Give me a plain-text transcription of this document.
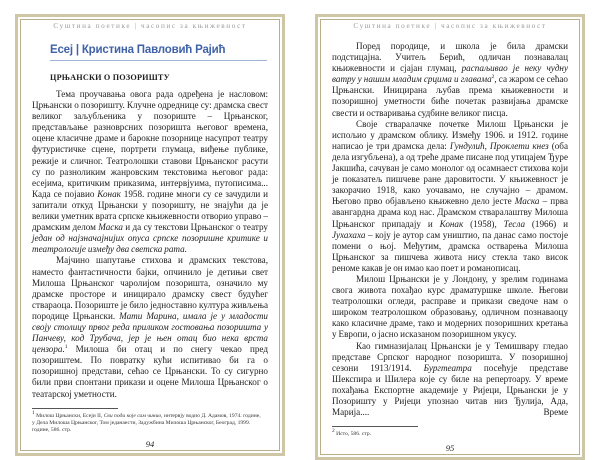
Суштина поетике | часопис за књижевност
Есеј | Кристина Павловић Рајић
ЦРЊАНСКИ О ПОЗОРИШТУ

Тема проучавања овога рада одређена је насловом: Црњански о позоришту. Клучне одреднице су: драмска свест великог заљубљеника у позориште – Црњанског, представљање разноврсних позоришта његовог времена, оцене класичне драме и барокне позорнице насупрот театру футуристичке сцене, портрети глумаца, виђење публике, режије и сличног. Театролошки ставови Црњанског расути су по разноликим жанровским текстовима његовог рада: есејима, критичким приказима, интервјуима, путописима... Када се појавио Конак 1958. године многи су се зачудили и запитали откуд Црњански у позоришту, не знајући да је велики уметник врата српске књижевности отворио управо – драмским делом Маска и да су текстови Црњанског о театру један од најзначајнијих опуса српске позоришне критике и театрологије између два светска рата.

Мајчино шапутање стихова и драмских текстова, наместо фантастичности бајки, опчинило је детињи свет Милоша Црњанског чаролијом позоришта, означило му драмске просторе и иницирало драмску свест будућег ствараоца. Позориште је било једноставно култура живљења породице Црњански. Мати Марина, имала је у младости своју столицу првог реда приликом гостовања позоришта у Панчеву, код Трубача, јер је њен отац био нека врста цензора.$^1$ Милоша би отац и по снегу чекао пред позориштем. По повратку кући испитивао би га о позоришној представи, сећао се Црњански. То су сигурно били први спонтани прикази и оцене Милоша Црњанског о театарској уметности.

$^1$ Милош Црњански, Есеји II, Сви поди које сам чинио, интервју водио Д. Адамов, 1974. године, у Дела Милоша Црњанског, Том једанаести, Задужбина Милоша Црњанског, Београд, 1999. године, 586. стр.
94
Суштина поетике | часопис за књижевност

Поред породице, и школа је била драмски подстицајна. Учитељ Берић, одличан познавалац књижевности и сјајан глумац, распаљивао је неку чудну ватру у нашим младим срцима и главама$^2$, са жаром се сећао Црњански. Иницирана љубав према књижевности и позоришној уметности биће почетак развијања драмске свести и остваривања судбине великог писца.

Своје стваралачке почетке Милош Црњански је испољио у драмском облику. Између 1906. и 1912. године написао је три драмска дела: Гундулић, Проклети кнез (оба дела изгубљена), а од треће драме писане под утицајем Ђуре Јакшића, сачуван је само монолог од осамнаест стихова који је показатељ пишчеве ране даровитости. У књижевност је закорачио 1918, како уочавамо, не случајно – драмом. Његово прво објављено књижевно дело јесте Маска – прва авангардна драма код нас. Драмском стваралаштву Милоша Црњанског припадају и Конак (1958), Тесла (1966) и Јухахаха – коју је аутор сам уништио, па данас само постоје помени о њој. Међутим, драмска остварења Милоша Црњанског за пишчева живота нису стекла тако висок реноме какав је он имао као поет и романописац.

Милош Црњански је у Лондону, у зрелим годинама свога живота похађао курс драматуршке школе. Његови театролошки огледи, расправе и прикази сведоче нам о широком театролошком образовању, одличном познаваоцу како класичне драме, тако и модерних позоришних кретања у Европи, о јасно исказаном позоришном укусу.

Као гимназијалац Црњански је у Темишвару гледао представе Српског народног позоришта. У позоришној сезони 1913/1914. Бургтеатра посећује представе Шекспира и Шилера које су биле на репертоару. У време похађања Експортне академије у Ријеци, Црњански је у Позоришту у Ријеци упознао читав низ Ђулија, Ада, Марија.... Време

$^2$ Исто, 586. стр.
95
